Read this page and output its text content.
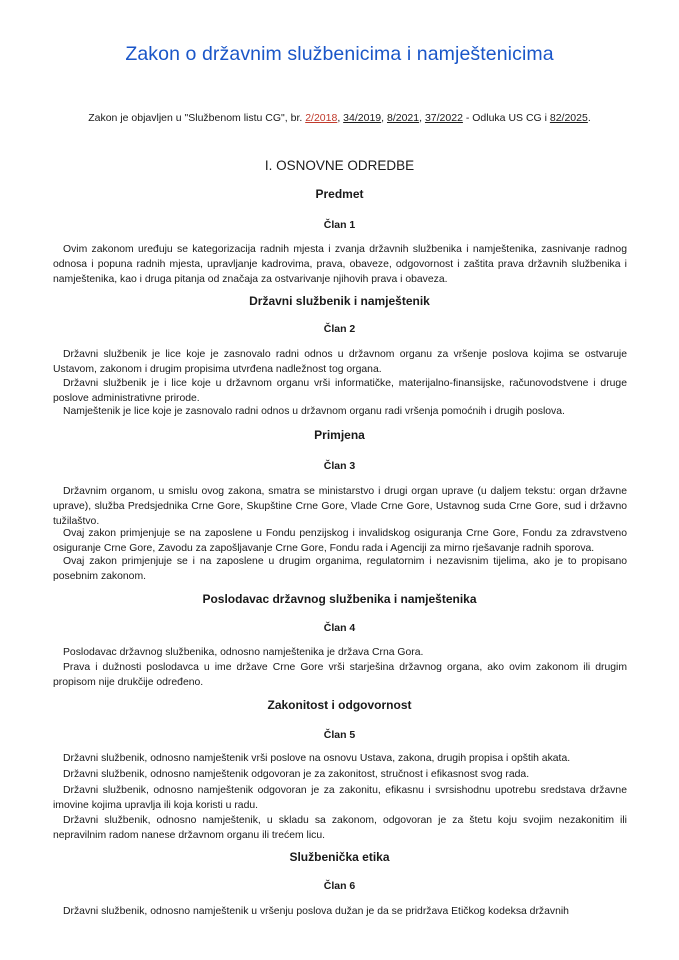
Zakon o državnim službenicima i namještenicima
Zakon je objavljen u "Službenom listu CG", br. 2/2018, 34/2019, 8/2021, 37/2022 - Odluka US CG i 82/2025.
I. OSNOVNE ODREDBE
Predmet
Član 1

Ovim zakonom uređuju se kategorizacija radnih mjesta i zvanja državnih službenika i namještenika, zasnivanje radnog odnosa i popuna radnih mjesta, upravljanje kadrovima, prava, obaveze, odgovornost i zaštita prava državnih službenika i namještenika, kao i druga pitanja od značaja za ostvarivanje njihovih prava i obaveza.

Državni službenik i namještenik
Član 2

Državni službenik je lice koje je zasnovalo radni odnos u državnom organu za vršenje poslova kojima se ostvaruje Ustavom, zakonom i drugim propisima utvrđena nadležnost tog organa.

Državni službenik je i lice koje u državnom organu vrši informatičke, materijalno-finansijske, računovodstvene i druge poslove administrativne prirode.

Namještenik je lice koje je zasnovalo radni odnos u državnom organu radi vršenja pomoćnih i drugih poslova.

Primjena
Član 3

Državnim organom, u smislu ovog zakona, smatra se ministarstvo i drugi organ uprave (u daljem tekstu: organ državne uprave), služba Predsjednika Crne Gore, Skupštine Crne Gore, Vlade Crne Gore, Ustavnog suda Crne Gore, sud i državno tužilaštvo.

Ovaj zakon primjenjuje se na zaposlene u Fondu penzijskog i invalidskog osiguranja Crne Gore, Fondu za zdravstveno osiguranje Crne Gore, Zavodu za zapošljavanje Crne Gore, Fondu rada i Agenciji za mirno rješavanje radnih sporova.

Ovaj zakon primjenjuje se i na zaposlene u drugim organima, regulatornim i nezavisnim tijelima, ako je to propisano posebnim zakonom.

Poslodavac državnog službenika i namještenika
Član 4

Poslodavac državnog službenika, odnosno namještenika je država Crna Gora.

Prava i dužnosti poslodavca u ime države Crne Gore vrši starješina državnog organa, ako ovim zakonom ili drugim propisom nije drukčije određeno.

Zakonitost i odgovornost
Član 5

Državni službenik, odnosno namještenik vrši poslove na osnovu Ustava, zakona, drugih propisa i opštih akata.

Državni službenik, odnosno namještenik odgovoran je za zakonitost, stručnost i efikasnost svog rada.

Državni službenik, odnosno namještenik odgovoran je za zakonitu, efikasnu i svrsishodnu upotrebu sredstava državne imovine kojima upravlja ili koja koristi u radu.

Državni službenik, odnosno namještenik, u skladu sa zakonom, odgovoran je za štetu koju svojim nezakonitim ili nepravilnim radom nanese državnom organu ili trećem licu.

Službenička etika
Član 6

Državni službenik, odnosno namještenik u vršenju poslova dužan je da se pridržava Etičkog kodeksa državnih
